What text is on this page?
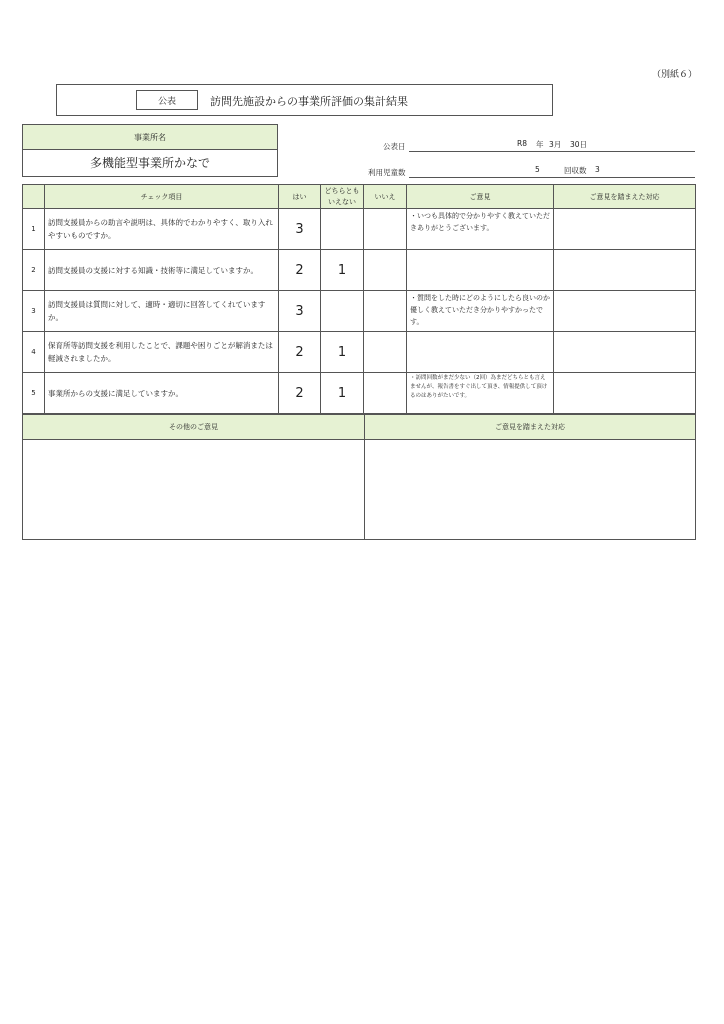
（別紙６）
公表	訪問先施設からの事業所評価の集計結果
事業所名
多機能型事業所かなで
公表日	R8 年 3月 30日
利用児童数	5	回収数 3
	チェック項目	はい	どちらとも
いえない	いいえ	ご意見	ご意見を踏まえた対応
1	訪問支援員からの助言や説明は、具体的でわかりやすく、取り入れやすいものですか。	3			・いつも具体的で分かりやすく教えていただきありがとうございます。	
2	訪問支援員の支援に対する知識・技術等に満足していますか。	2	1			
3	訪問支援員は質問に対して、適時・適切に回答してくれていますか。	3			・質問をした時にどのようにしたら良いのか優しく教えていただき分かりやすかったです。	
4	保育所等訪問支援を利用したことで、課題や困りごとが解消または軽減されましたか。	2	1			
5	事業所からの支援に満足していますか。	2	1		・訪問回数がまだ少ない（2回）為まだどちらとも言えませんが、報告書をすぐ出して頂き、情報提供して頂けるのはありがたいです。	
その他のご意見	ご意見を踏まえた対応
